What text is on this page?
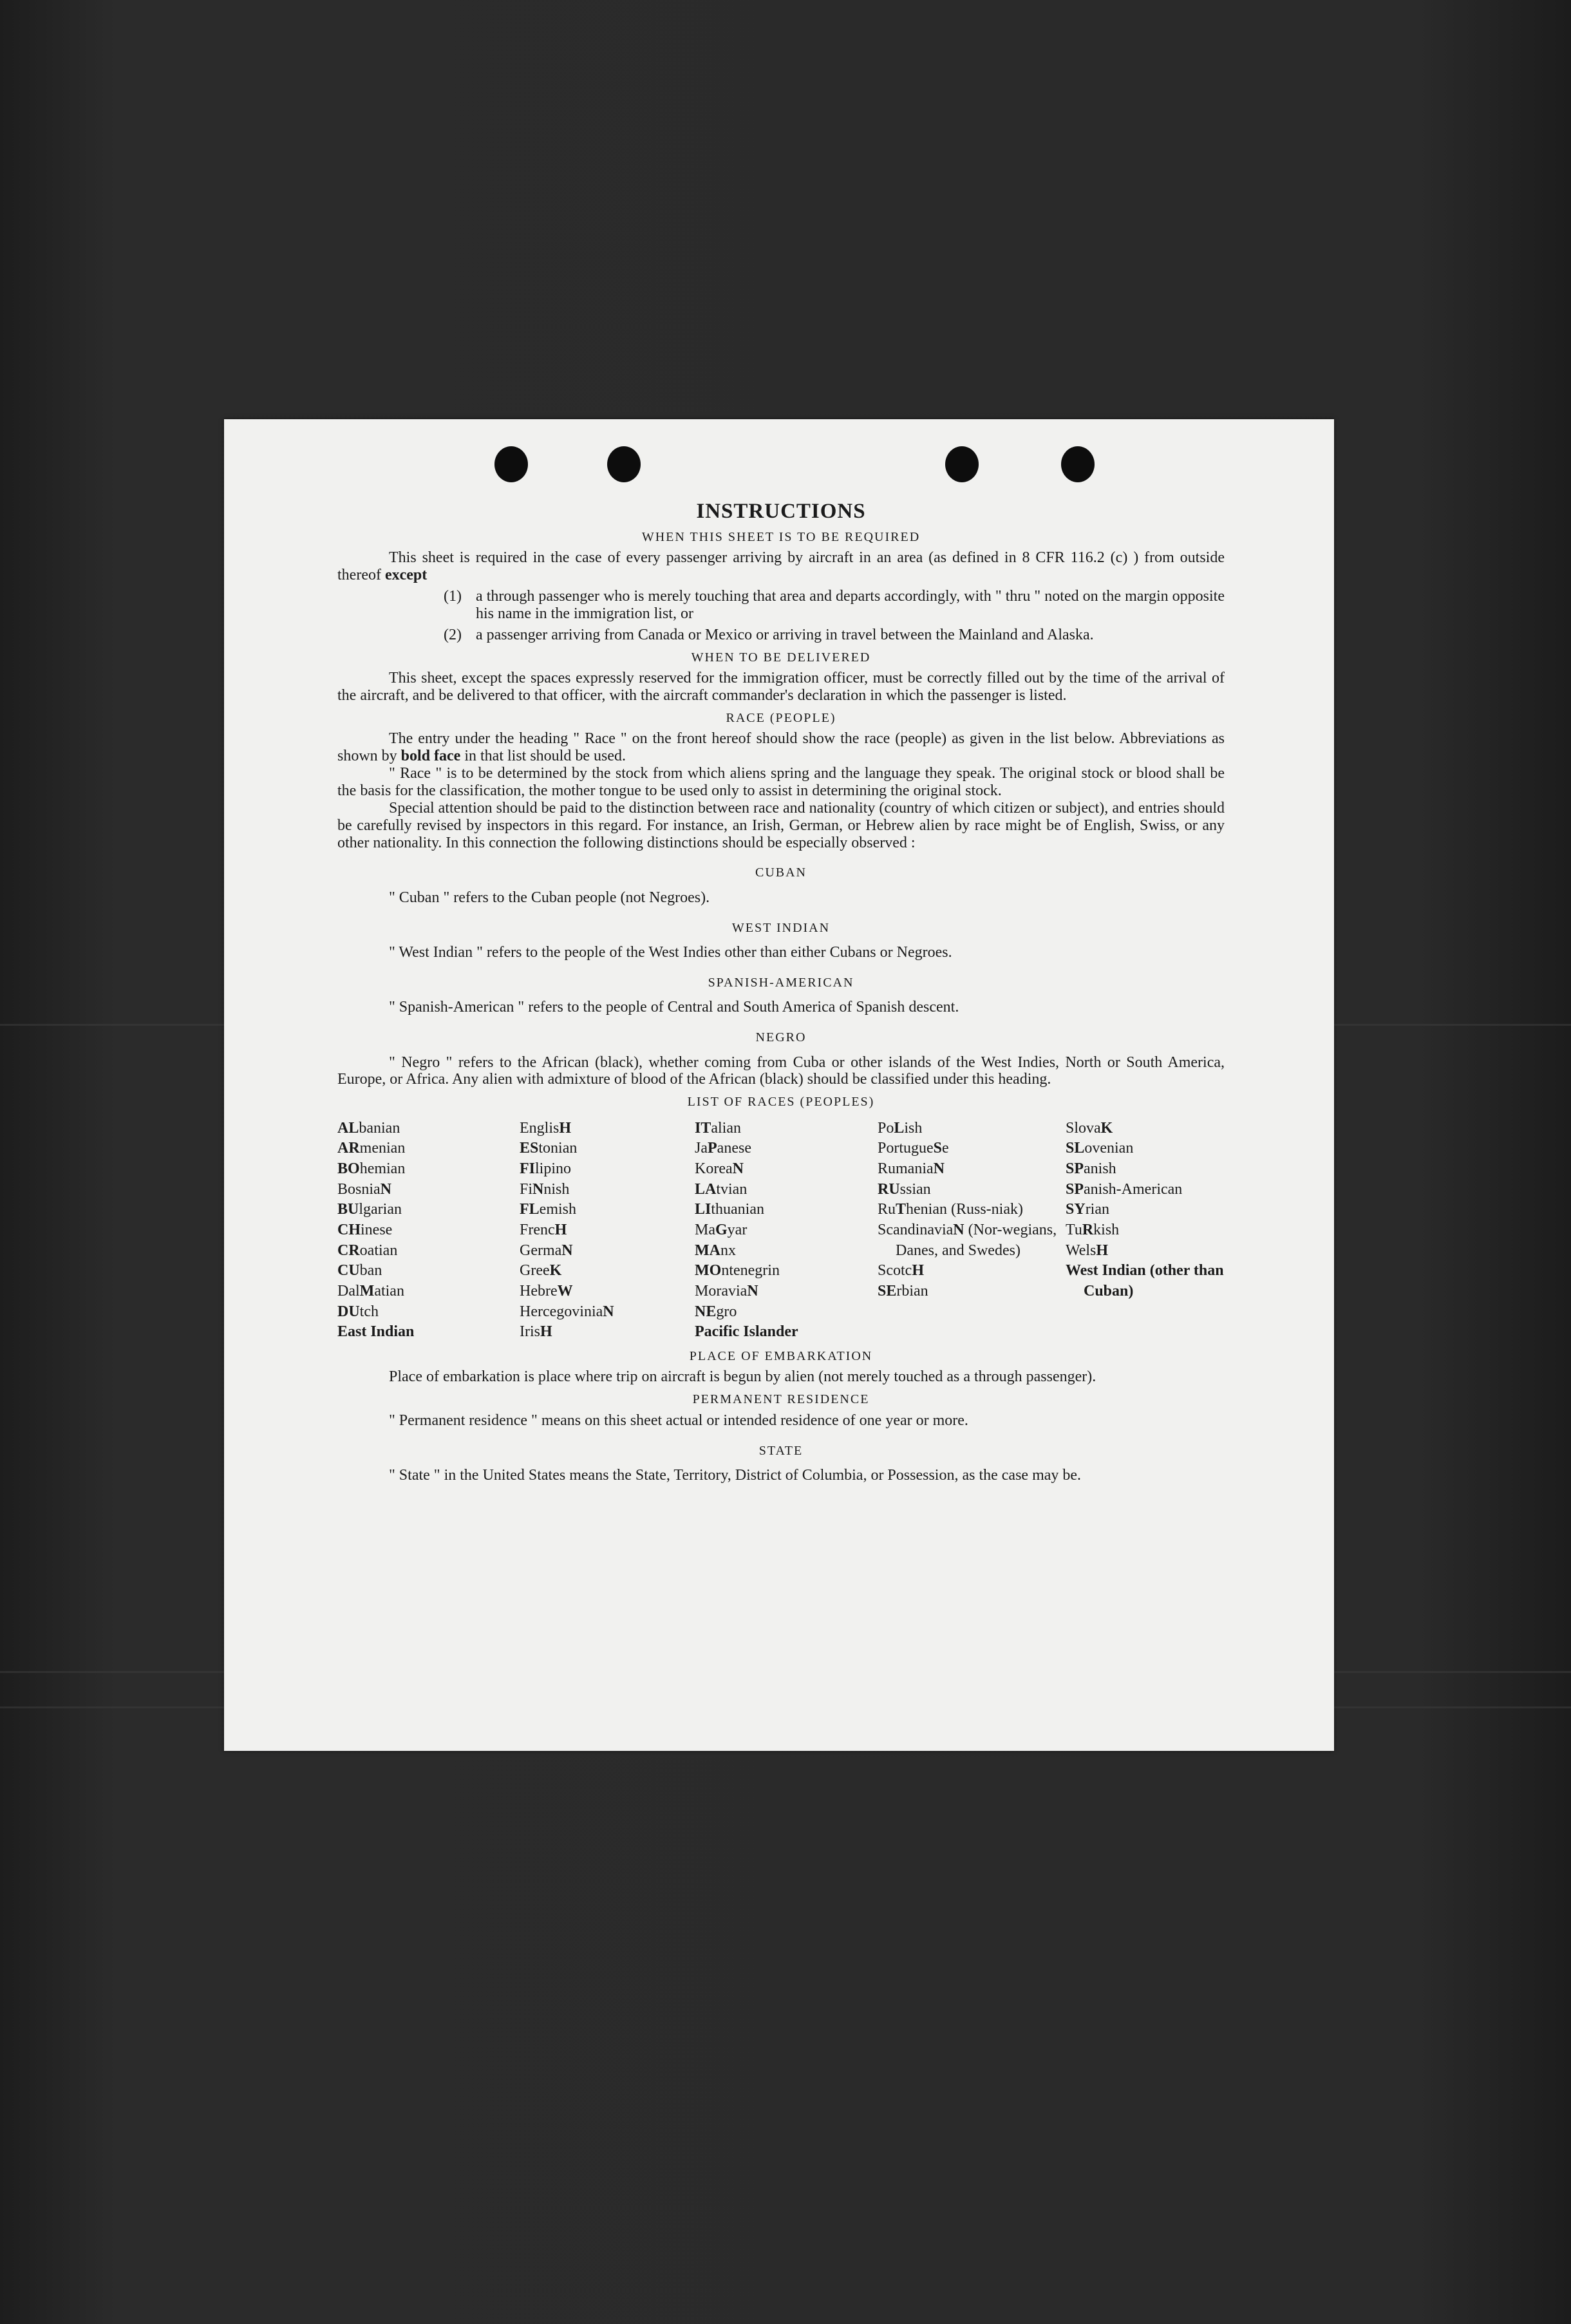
INSTRUCTIONS
WHEN THIS SHEET IS TO BE REQUIRED

This sheet is required in the case of every passenger arriving by aircraft in an area (as defined in 8 CFR 116.2 (c) ) from outside thereof except

(1) a through passenger who is merely touching that area and departs accordingly, with " thru " noted on the margin opposite his name in the immigration list, or
(2) a passenger arriving from Canada or Mexico or arriving in travel between the Mainland and Alaska.
WHEN TO BE DELIVERED

This sheet, except the spaces expressly reserved for the immigration officer, must be correctly filled out by the time of the arrival of the aircraft, and be delivered to that officer, with the aircraft commander's declaration in which the passenger is listed.

RACE (PEOPLE)

The entry under the heading " Race " on the front hereof should show the race (people) as given in the list below. Abbreviations as shown by bold face in that list should be used.

" Race " is to be determined by the stock from which aliens spring and the language they speak. The original stock or blood shall be the basis for the classification, the mother tongue to be used only to assist in determining the original stock.

Special attention should be paid to the distinction between race and nationality (country of which citizen or subject), and entries should be carefully revised by inspectors in this regard. For instance, an Irish, German, or Hebrew alien by race might be of English, Swiss, or any other nationality. In this connection the following distinctions should be especially observed :

CUBAN
" Cuban " refers to the Cuban people (not Negroes).
WEST INDIAN
" West Indian " refers to the people of the West Indies other than either Cubans or Negroes.
SPANISH-AMERICAN
" Spanish-American " refers to the people of Central and South America of Spanish descent.
NEGRO

" Negro " refers to the African (black), whether coming from Cuba or other islands of the West Indies, North or South America, Europe, or Africa. Any alien with admixture of blood of the African (black) should be classified under this heading.

LIST OF RACES (PEOPLES)
ALbanian
ARmenian
BOhemian
BosniaN
BUlgarian
CHinese
CRoatian
CUban
DalMatian
DUtch
East Indian
EnglisH
EStonian
FIlipino
FiNnish
FLemish
FrencH
GermaN
GreeK
HebreW
HercegoviniaN
IrisH
ITalian
JaPanese
KoreaN
LAtvian
LIthuanian
MaGyar
MAnx
MOntenegrin
MoraviaN
NEgro
Pacific Islander
PoLish
PortugueSe
RumaniaN
RUssian
RuThenian (Russ-niak)
ScandinaviaN (Nor-wegians, Danes, and Swedes)
ScotcH
SErbian
SlovaK
SLovenian
SPanish
SPanish-American
SYrian
TuRkish
WelsH
West Indian (other than Cuban)
PLACE OF EMBARKATION

Place of embarkation is place where trip on aircraft is begun by alien (not merely touched as a through passenger).

PERMANENT RESIDENCE
" Permanent residence " means on this sheet actual or intended residence of one year or more.
STATE

" State " in the United States means the State, Territory, District of Columbia, or Possession, as the case may be.
